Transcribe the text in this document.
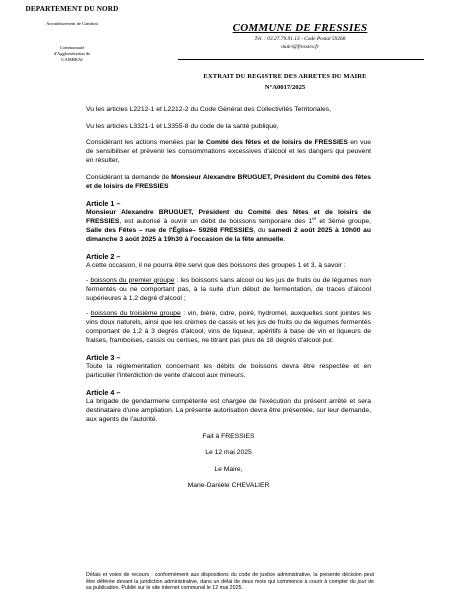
DEPARTEMENT DU NORD
Arrondissement de Cambrai
Communauté
d'Agglomération de
CAMBRAI
COMMUNE DE FRESSIES
Tél. : 03.27.79.91.13 - Code Postal 59268
mairi@fressies.fr
EXTRAIT DU REGISTRE DES ARRETES DU MAIRE
N°A0017/2025

Vu les articles L2212-1 et L2212-2 du Code Général des Collectivités Territoriales,

Vu les articles L3321-1 et L3355-8 du code de la santé publique,

Considérant les actions menées par le Comité des fêtes et de loisirs de FRESSIES en vue de sensibiliser et prévenir les consommations excessives d'alcool et les dangers qui peuvent en résulter,

Considérant la demande de Monsieur Alexandre BRUGUET, Président du Comité des fêtes et de loisirs de FRESSIES

Article 1 –

Monsieur Alexandre BRUGUET, Président du Comité des fêtes et de loisirs de FRESSIES, est autorisé à ouvrir un débit de boissons temporaire des 1er et 3ème groupe, Salle des Fêtes – rue de l'Église– 59268 FRESSIES, du samedi 2 août 2025 à 10h00 au dimanche 3 août 2025 à 19h30 à l'occasion de la fête annuelle.

Article 2 –

A cette occasion, il ne pourra être servi que des boissons des groupes 1 et 3, à savoir :

- boissons du premier groupe : les boissons sans alcool ou les jus de fruits ou de légumes non fermentés ou ne comportant pas, à la suite d'un début de fermentation, de traces d'alcool supérieures à 1,2 degré d'alcool ;

- boissons du troisième groupe : vin, bière, cidre, poiré, hydromel, auxquelles sont jointes les vins doux naturels, ainsi que les crèmes de cassis et les jus de fruits ou de légumes fermentés comportant de 1,2 à 3 degrés d'alcool, vins de liqueur, apéritifs à base de vin et liqueurs de fraises, framboises, cassis ou cerises, ne titrant pas plus de 18 degrés d'alcool pur.

Article 3 –

Toute la réglementation concernant les débits de boissons devra être respectée et en particulier l'interdiction de vente d'alcool aux mineurs.

Article 4 –

La brigade de gendarmerie compétente est chargée de l'exécution du présent arrêté et sera destinataire d'une ampliation. La présente autorisation devra être présentée, sur leur demande, aux agents de l'autorité.

Fait à FRESSIES

Le 12 mai 2025

Le Maire,

Marie-Danièle CHEVALIER

Délais et voies de recours : conformément aux dispositions du code de justice administrative, la présente décision peut être déférée devant la juridiction administrative, dans un délai de deux mois qui commence à courir à compter du jour de sa publication. Publié sur le site internet communal le 12 mai 2025.
